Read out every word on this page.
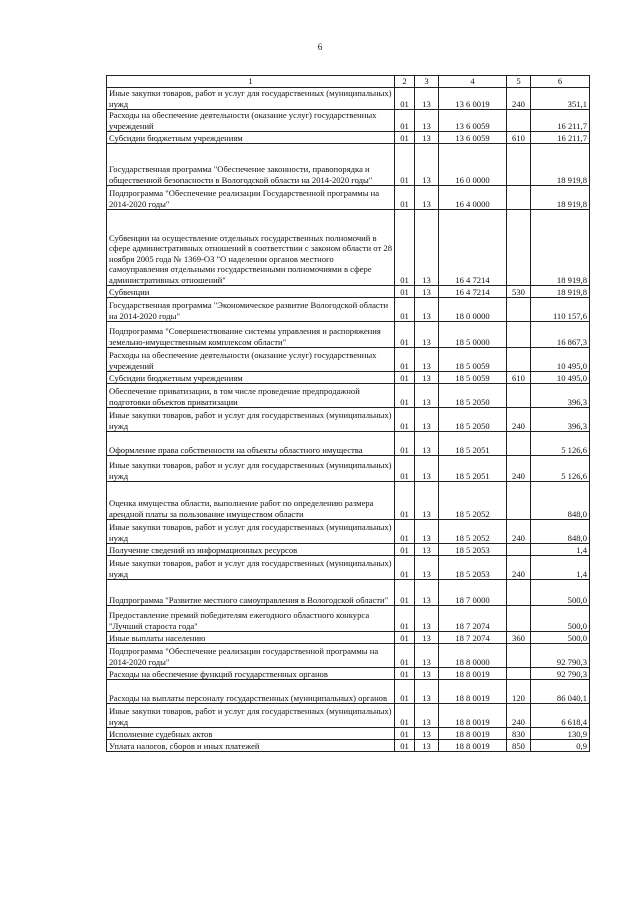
6
1	2	3	4	5	6
Иные закупки товаров, работ и услуг для государственных (муниципальных) нужд	01	13	13 6 0019	240	351,1
Расходы на обеспечение деятельности (оказание услуг) государственных учреждений	01	13	13 6 0059		16 211,7
Субсидии бюджетным учреждениям	01	13	13 6 0059	610	16 211,7
Государственная программа "Обеспечение законности, правопорядка и общественной безопасности в Вологодской области на 2014-2020 годы"	01	13	16 0 0000		18 919,8
Подпрограмма "Обеспечение реализации Государственной программы на 2014-2020 годы"	01	13	16 4 0000		18 919,8
Субвенции на осуществление отдельных государственных полномочий в сфере административных отношений в соответствии с законом области от 28 ноября 2005 года № 1369-ОЗ "О наделении органов местного самоуправления отдельными государственными полномочиями в сфере административных отношений"	01	13	16 4 7214		18 919,8
Субвенции	01	13	16 4 7214	530	18 919,8
Государственная программа "Экономическое развитие Вологодской области на 2014-2020 годы"	01	13	18 0 0000		110 157,6
Подпрограмма "Совершенствование системы управления и распоряжения земельно-имущественным комплексом области"	01	13	18 5 0000		16 867,3
Расходы на обеспечение деятельности (оказание услуг) государственных учреждений	01	13	18 5 0059		10 495,0
Субсидии бюджетным учреждениям	01	13	18 5 0059	610	10 495,0
Обеспечение приватизации, в том числе проведение предпродажной подготовки объектов приватизации	01	13	18 5 2050		396,3
Иные закупки товаров, работ и услуг для государственных (муниципальных) нужд	01	13	18 5 2050	240	396,3
Оформление права собственности на объекты областного имущества	01	13	18 5 2051		5 126,6
Иные закупки товаров, работ и услуг для государственных (муниципальных) нужд	01	13	18 5 2051	240	5 126,6
Оценка имущества области, выполнение работ по определению размера арендной платы за пользование имуществом области	01	13	18 5 2052		848,0
Иные закупки товаров, работ и услуг для государственных (муниципальных) нужд	01	13	18 5 2052	240	848,0
Получение сведений из информационных ресурсов	01	13	18 5 2053		1,4
Иные закупки товаров, работ и услуг для государственных (муниципальных) нужд	01	13	18 5 2053	240	1,4
Подпрограмма "Развитие местного самоуправления в Вологодской области"	01	13	18 7 0000		500,0
Предоставление премий победителям ежегодного областного конкурса "Лучший староста года"	01	13	18 7 2074		500,0
Иные выплаты населению	01	13	18 7 2074	360	500,0
Подпрограмма "Обеспечение реализации государственной программы на 2014-2020 годы"	01	13	18 8 0000		92 790,3
Расходы на обеспечение функций государственных органов	01	13	18 8 0019		92 790,3
Расходы на выплаты персоналу государственных (муниципальных) органов	01	13	18 8 0019	120	86 040,1
Иные закупки товаров, работ и услуг для государственных (муниципальных) нужд	01	13	18 8 0019	240	6 618,4
Исполнение судебных актов	01	13	18 8 0019	830	130,9
Уплата налогов, сборов и иных платежей	01	13	18 8 0019	850	0,9
